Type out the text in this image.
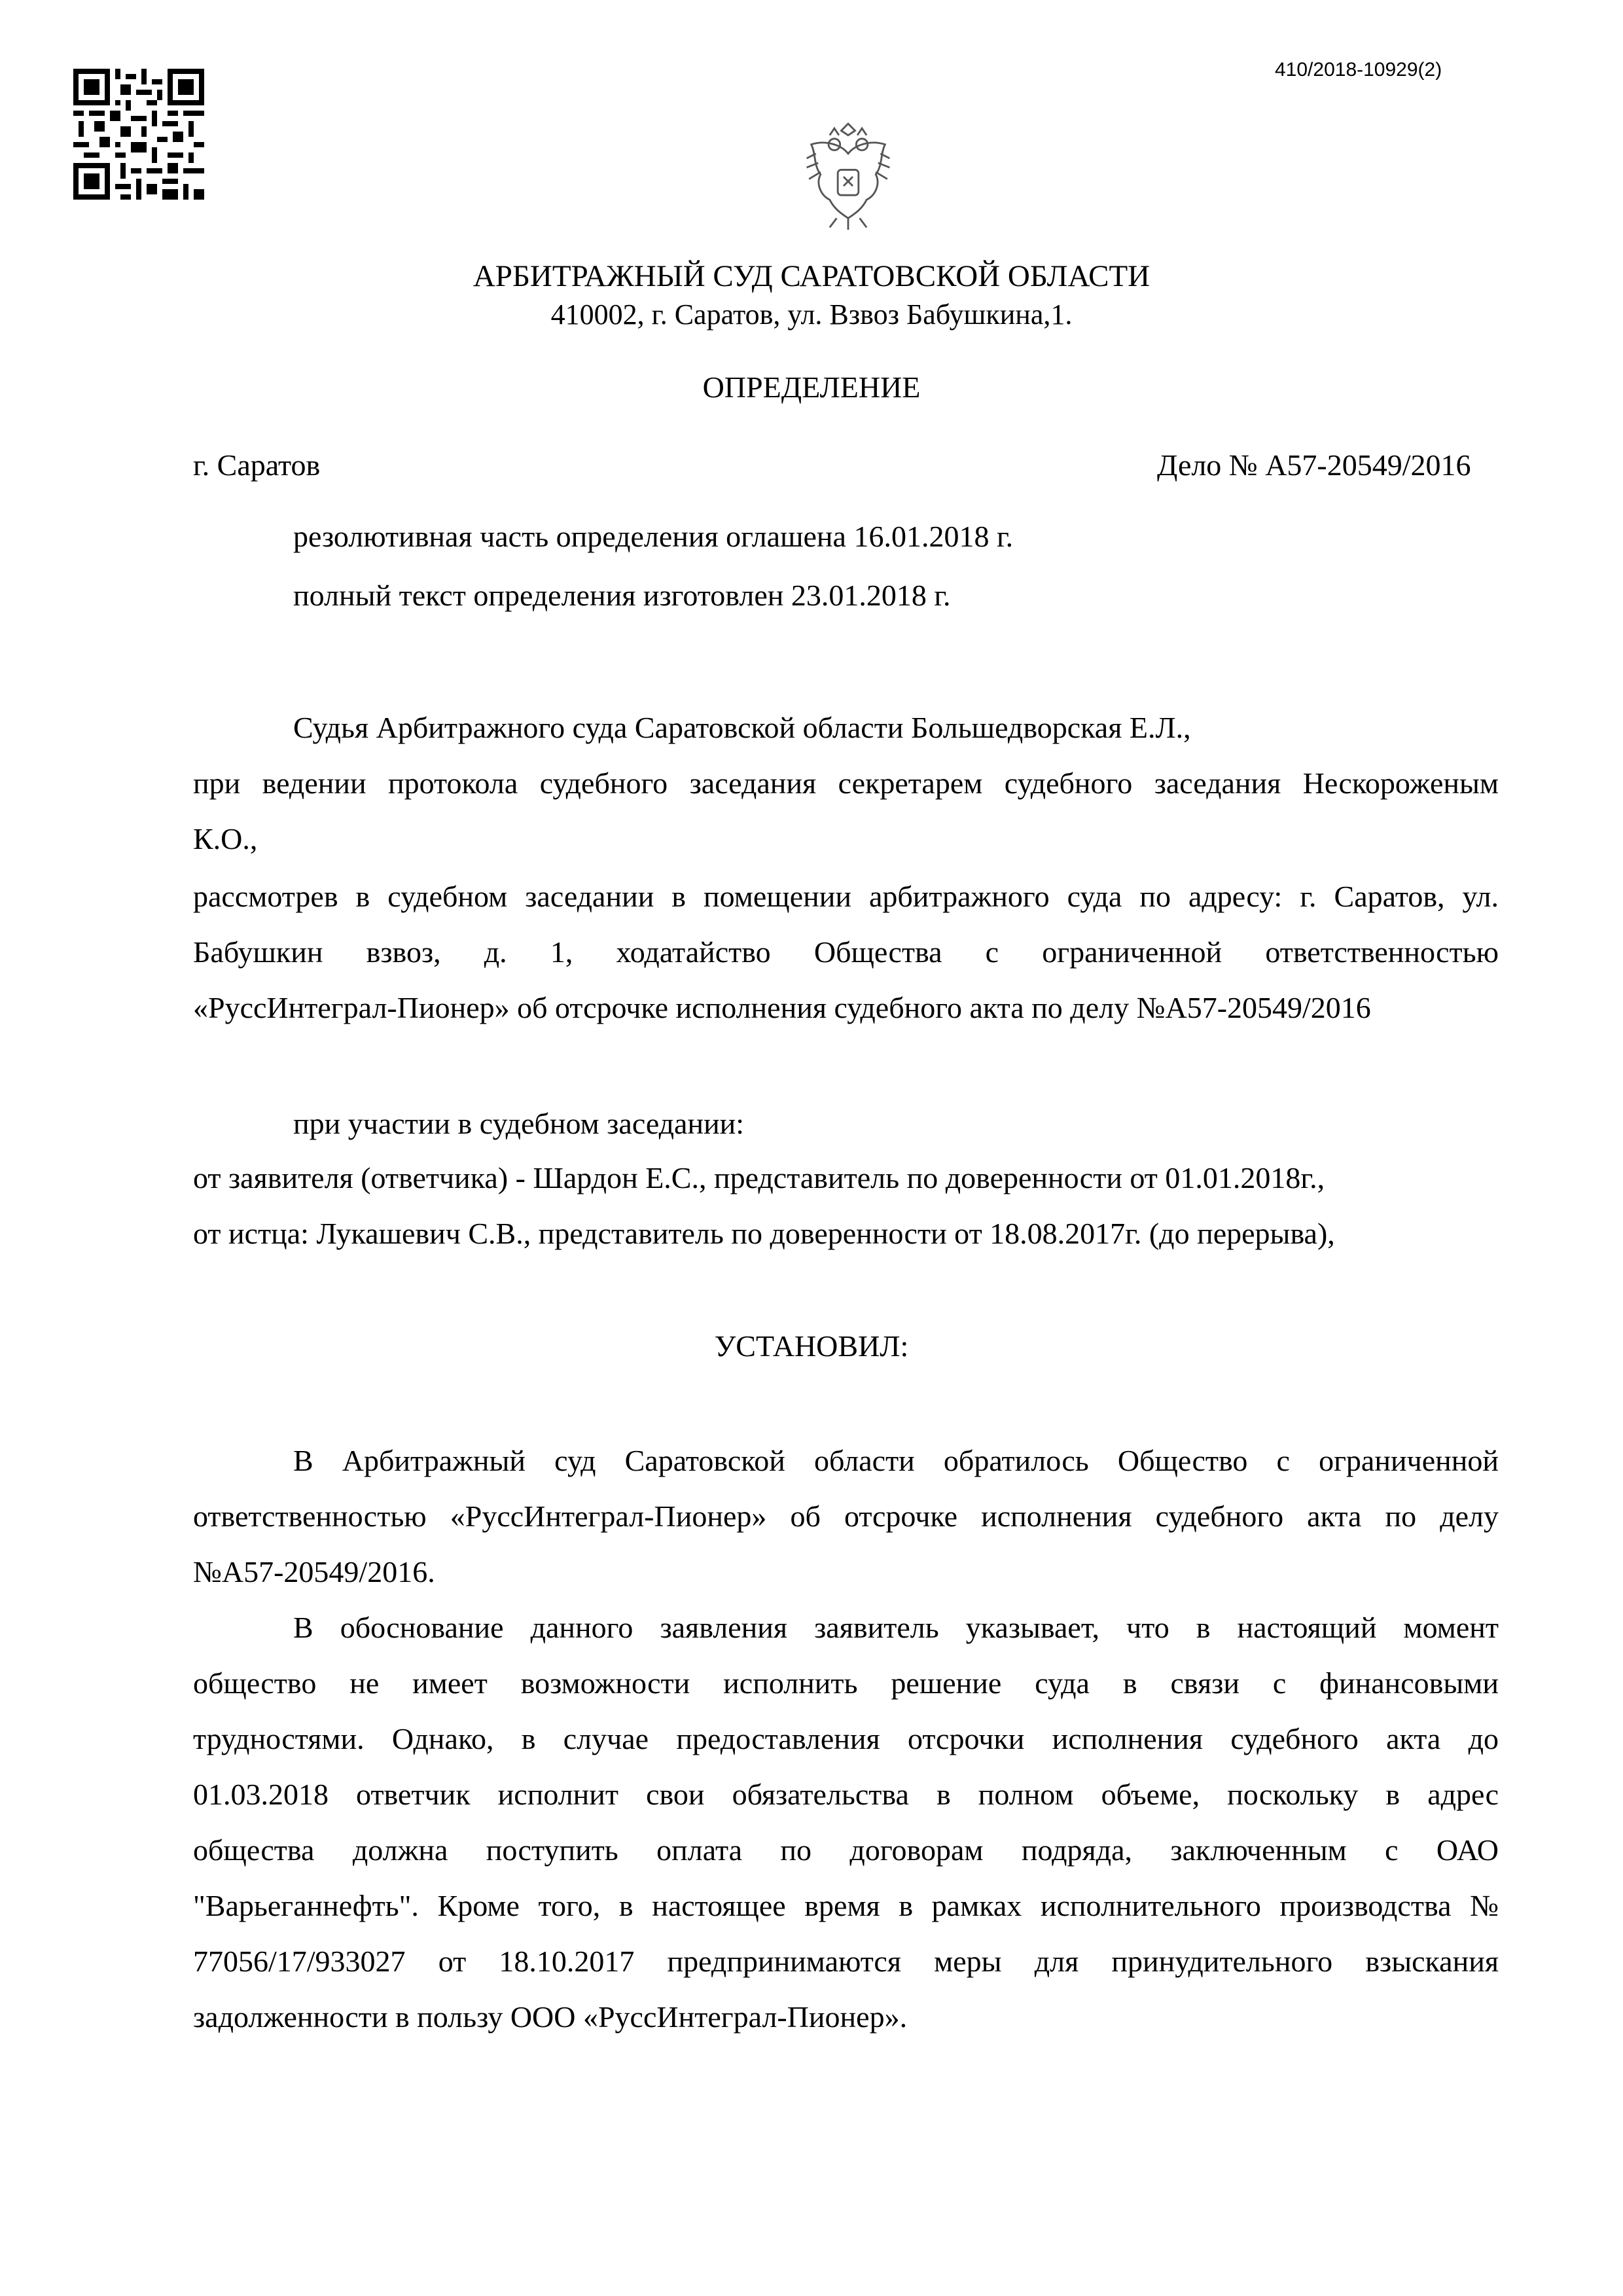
410/2018-10929(2)
АРБИТРАЖНЫЙ СУД САРАТОВСКОЙ ОБЛАСТИ
410002, г. Саратов, ул. Взвоз Бабушкина,1.
ОПРЕДЕЛЕНИЕ
г. Саратов	Дело № А57-20549/2016
резолютивная часть определения оглашена 16.01.2018 г.
полный текст определения изготовлен 23.01.2018 г.
Судья Арбитражного суда Саратовской области Большедворская Е.Л.,
при ведении протокола судебного заседания секретарем судебного заседания Нескороженым
К.О.,
рассмотрев в судебном заседании в помещении арбитражного суда по адресу: г. Саратов, ул.
Бабушкин взвоз, д. 1, ходатайство Общества с ограниченной ответственностью
«РуссИнтеграл-Пионер» об отсрочке исполнения судебного акта по делу №А57-20549/2016
при участии в судебном заседании:
от заявителя (ответчика) - Шардон Е.С., представитель по доверенности от 01.01.2018г.,
от истца: Лукашевич С.В., представитель по доверенности от 18.08.2017г. (до перерыва),
УСТАНОВИЛ:
В Арбитражный суд Саратовской области обратилось Общество с ограниченной
ответственностью «РуссИнтеграл-Пионер» об отсрочке исполнения судебного акта по делу
№А57-20549/2016.
В обоснование данного заявления заявитель указывает, что в настоящий момент
общество не имеет возможности исполнить решение суда в связи с финансовыми
трудностями. Однако, в случае предоставления отсрочки исполнения судебного акта до
01.03.2018 ответчик исполнит свои обязательства в полном объеме, поскольку в адрес
общества должна поступить оплата по договорам подряда, заключенным с ОАО
"Варьеганнефть". Кроме того, в настоящее время в рамках исполнительного производства №
77056/17/933027 от 18.10.2017 предпринимаются меры для принудительного взыскания
задолженности в пользу ООО «РуссИнтеграл-Пионер».
